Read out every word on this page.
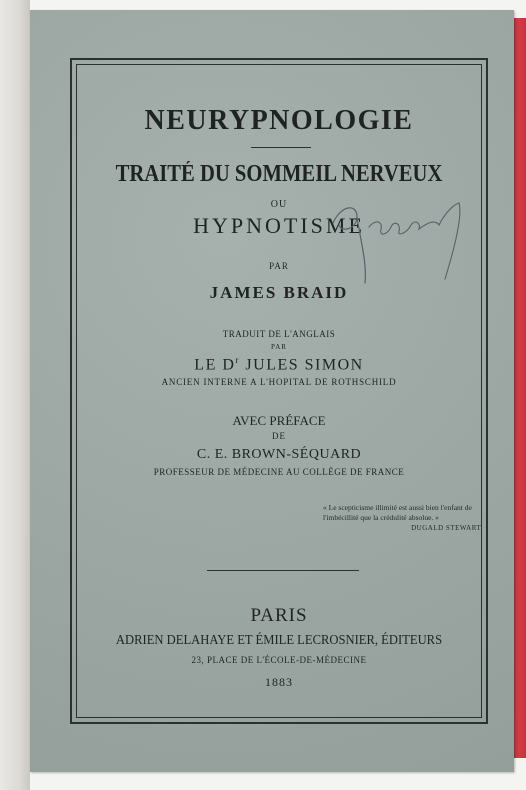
NEURYPNOLOGIE
TRAITÉ DU SOMMEIL NERVEUX
OU
HYPNOTISME
PAR
JAMES BRAID
TRADUIT DE L'ANGLAIS
PAR
LE $D^r$ JULES SIMON
ANCIEN INTERNE A L'HOPITAL DE ROTHSCHILD
AVEC PRÉFACE
DE
C. E. BROWN-SÉQUARD
PROFESSEUR DE MÉDECINE AU COLLÈGE DE FRANCE
« Le scepticisme illimité est aussi bien l'enfant de l'imbécillité que la crédulité absolue. »
DUGALD STEWART.
PARIS
ADRIEN DELAHAYE ET ÉMILE LECROSNIER, ÉDITEURS
23, PLACE DE L'ÉCOLE-DE-MÉDECINE
1883
